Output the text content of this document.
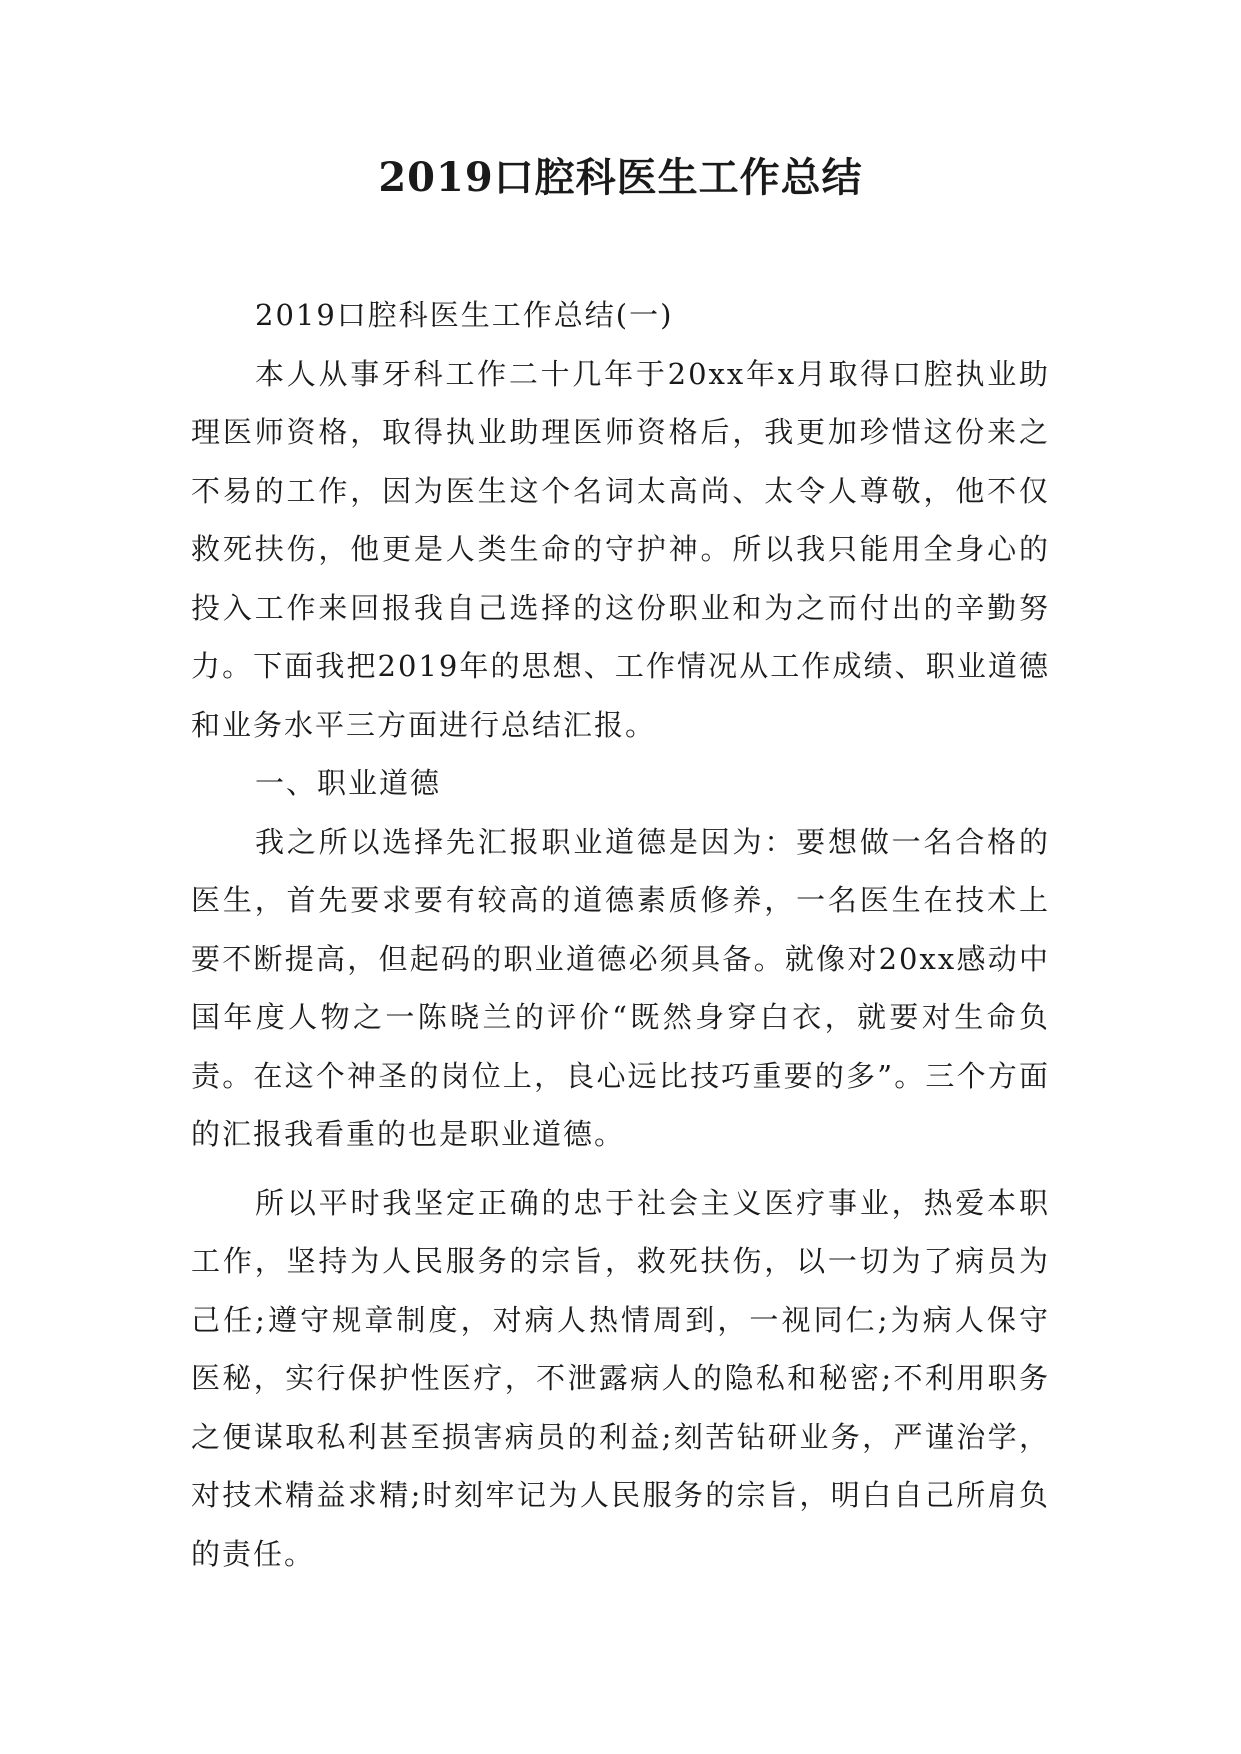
2019口腔科医生工作总结

2019口腔科医生工作总结(一)

本人从事牙科工作二十几年于20xx年x月取得口腔执业助理医师资格，取得执业助理医师资格后，我更加珍惜这份来之不易的工作，因为医生这个名词太高尚、太令人尊敬，他不仅救死扶伤，他更是人类生命的守护神。所以我只能用全身心的投入工作来回报我自己选择的这份职业和为之而付出的辛勤努力。下面我把2019年的思想、工作情况从工作成绩、职业道德和业务水平三方面进行总结汇报。

一、职业道德

我之所以选择先汇报职业道德是因为：要想做一名合格的医生，首先要求要有较高的道德素质修养，一名医生在技术上要不断提高，但起码的职业道德必须具备。就像对20xx感动中国年度人物之一陈晓兰的评价“既然身穿白衣，就要对生命负责。在这个神圣的岗位上，良心远比技巧重要的多”。三个方面的汇报我看重的也是职业道德。

所以平时我坚定正确的忠于社会主义医疗事业，热爱本职工作，坚持为人民服务的宗旨，救死扶伤，以一切为了病员为己任;遵守规章制度，对病人热情周到，一视同仁;为病人保守医秘，实行保护性医疗，不泄露病人的隐私和秘密;不利用职务之便谋取私利甚至损害病员的利益;刻苦钻研业务，严谨治学，对技术精益求精;时刻牢记为人民服务的宗旨，明白自己所肩负的责任。
